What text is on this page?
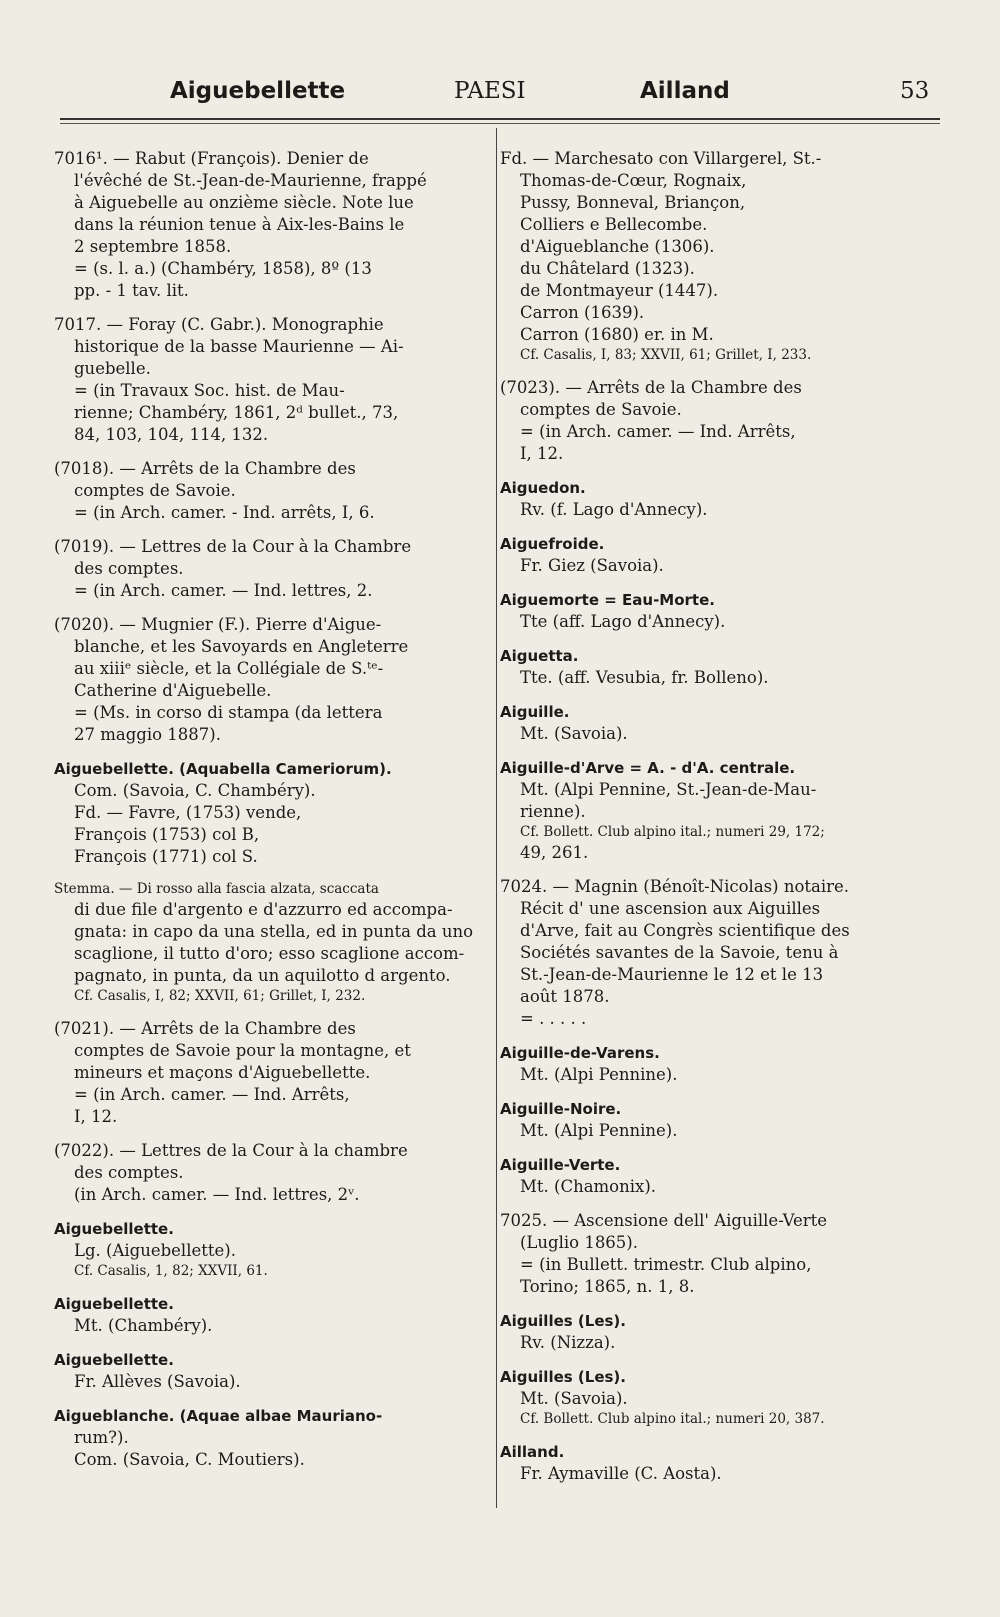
Aiguebellette	PAESI	Ailland	53
7016¹. — Rabut (François). Denier de
l'évêché de St.-Jean-de-Maurienne, frappé
à Aiguebelle au onzième siècle. Note lue
dans la réunion tenue à Aix-les-Bains le
2 septembre 1858.
= (s. l. a.) (Chambéry, 1858), 8º (13
pp. - 1 tav. lit.
7017. — Foray (C. Gabr.). Monographie
historique de la basse Maurienne — Ai-
guebelle.
= (in Travaux Soc. hist. de Mau-
rienne; Chambéry, 1861, 2ᵈ bullet., 73,
84, 103, 104, 114, 132.
(7018). — Arrêts de la Chambre des
comptes de Savoie.
= (in Arch. camer. - Ind. arrêts, I, 6.
(7019). — Lettres de la Cour à la Chambre
des comptes.
= (in Arch. camer. — Ind. lettres, 2.
(7020). — Mugnier (F.). Pierre d'Aigue-
blanche, et les Savoyards en Angleterre
au xiiiᵉ siècle, et la Collégiale de S.ᵗᵉ-
Catherine d'Aiguebelle.
= (Ms. in corso di stampa (da lettera
27 maggio 1887).
Aiguebellette. (Aquabella Cameriorum).
Com. (Savoia, C. Chambéry).
Fd. — Favre, (1753) vende,
François (1753) col B,
François (1771) col S.
Stemma. — Di rosso alla fascia alzata, scaccata
di due file d'argento e d'azzurro ed accompa-
gnata: in capo da una stella, ed in punta da uno
scaglione, il tutto d'oro; esso scaglione accom-
pagnato, in punta, da un aquilotto d argento.
Cf. Casalis, I, 82; XXVII, 61; Grillet, I, 232.
(7021). — Arrêts de la Chambre des
comptes de Savoie pour la montagne, et
mineurs et maçons d'Aiguebellette.
= (in Arch. camer. — Ind. Arrêts,
I, 12.
(7022). — Lettres de la Cour à la chambre
des comptes.
(in Arch. camer. — Ind. lettres, 2ᵛ.
Aiguebellette.
Lg. (Aiguebellette).
Cf. Casalis, 1, 82; XXVII, 61.
Aiguebellette.
Mt. (Chambéry).
Aiguebellette.
Fr. Allèves (Savoia).
Aigueblanche. (Aquae albae Mauriano-
rum?).
Com. (Savoia, C. Moutiers).
Fd. — Marchesato con Villargerel, St.-
Thomas-de-Cœur, Rognaix,
Pussy, Bonneval, Briançon,
Colliers e Bellecombe.
d'Aigueblanche (1306).
du Châtelard (1323).
de Montmayeur (1447).
Carron (1639).
Carron (1680) er. in M.
Cf. Casalis, I, 83; XXVII, 61; Grillet, I, 233.
(7023). — Arrêts de la Chambre des
comptes de Savoie.
= (in Arch. camer. — Ind. Arrêts,
I, 12.
Aiguedon.
Rv. (f. Lago d'Annecy).
Aiguefroide.
Fr. Giez (Savoia).
Aiguemorte = Eau-Morte.
Tte (aff. Lago d'Annecy).
Aiguetta.
Tte. (aff. Vesubia, fr. Bolleno).
Aiguille.
Mt. (Savoia).
Aiguille-d'Arve = A. - d'A. centrale.
Mt. (Alpi Pennine, St.-Jean-de-Mau-
rienne).
Cf. Bollett. Club alpino ital.; numeri 29, 172;
49, 261.
7024. — Magnin (Bénoît-Nicolas) notaire.
Récit d' une ascension aux Aiguilles
d'Arve, fait au Congrès scientifique des
Sociétés savantes de la Savoie, tenu à
St.-Jean-de-Maurienne le 12 et le 13
août 1878.
= . . . . .
Aiguille-de-Varens.
Mt. (Alpi Pennine).
Aiguille-Noire.
Mt. (Alpi Pennine).
Aiguille-Verte.
Mt. (Chamonix).
7025. — Ascensione dell' Aiguille-Verte
(Luglio 1865).
= (in Bullett. trimestr. Club alpino,
Torino; 1865, n. 1, 8.
Aiguilles (Les).
Rv. (Nizza).
Aiguilles (Les).
Mt. (Savoia).
Cf. Bollett. Club alpino ital.; numeri 20, 387.
Ailland.
Fr. Aymaville (C. Aosta).
